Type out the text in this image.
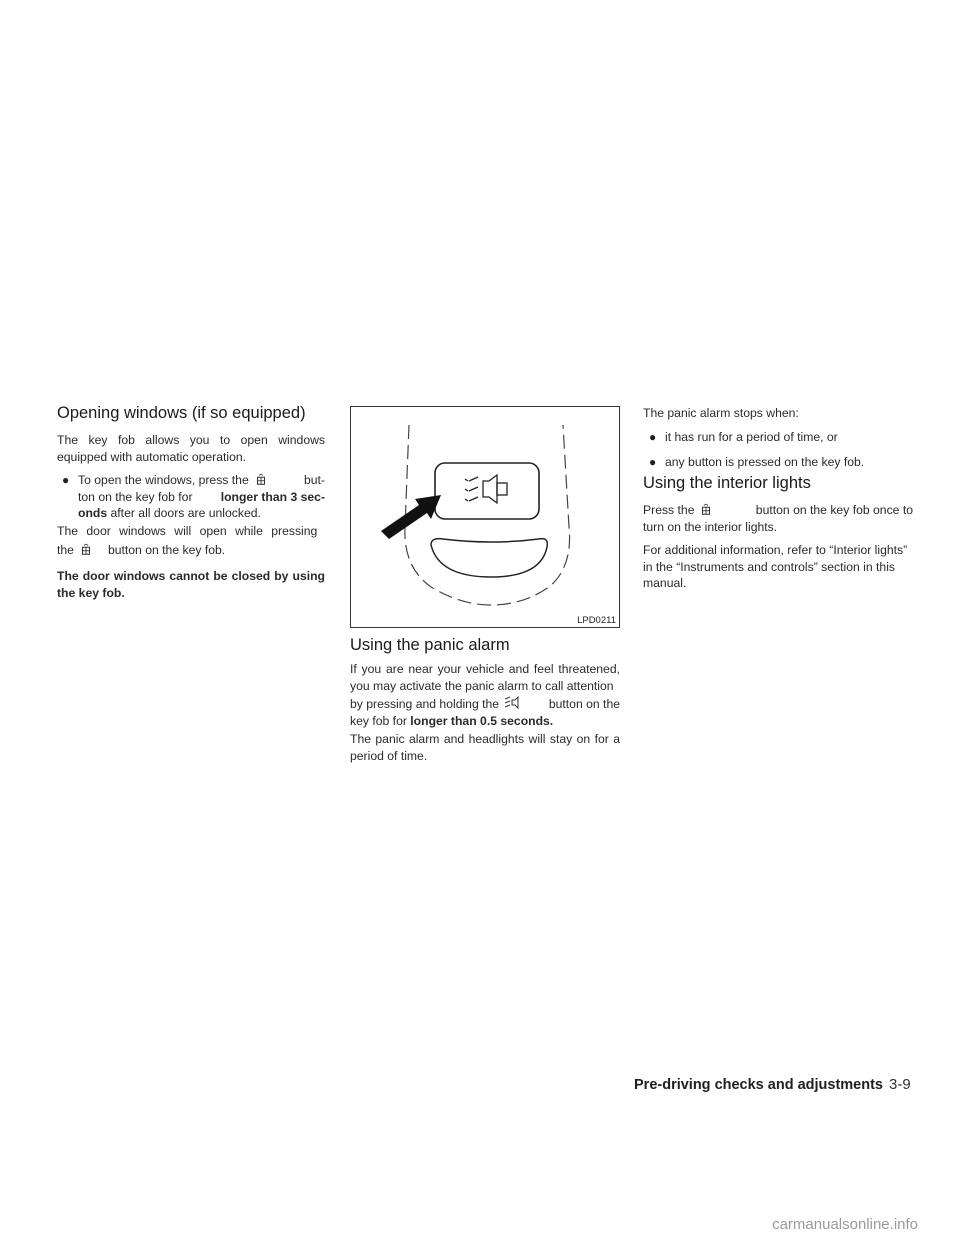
Opening windows (if so equipped)

The key fob allows you to open windows equipped with automatic operation.

● To open the windows, press the	but-
ton on the key fob for longer than 3 sec-
onds after all doors are unlocked.
The door windows will open while pressing
the	button on the key fob.

The door windows cannot be closed by using the key fob.

LPD0211
Using the panic alarm
If you are near your vehicle and feel threatened, you may activate the panic alarm to call attention
by pressing and holding the	button on the
key fob for longer than 0.5 seconds.

The panic alarm and headlights will stay on for a period of time.

The panic alarm stops when:

● it has run for a period of time, or

● any button is pressed on the key fob.

Using the interior lights
Press the	button on the key fob once to
turn on the interior lights.

For additional information, refer to “Interior lights” in the “Instruments and controls” section in this manual.

Pre-driving checks and adjustments 3-9
carmanualsonline.info
